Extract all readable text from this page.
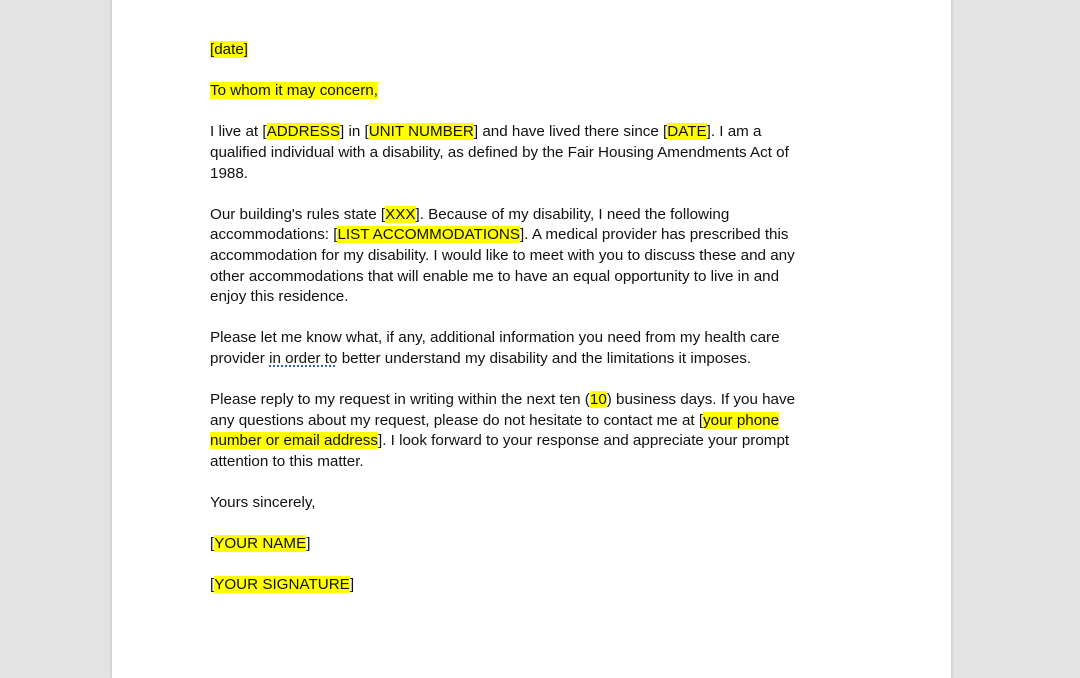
[date]

To whom it may concern,

I live at [ADDRESS] in [UNIT NUMBER] and have lived there since [DATE]. I am a
qualified individual with a disability, as defined by the Fair Housing Amendments Act of
1988.

Our building's rules state [XXX]. Because of my disability, I need the following
accommodations: [LIST ACCOMMODATIONS]. A medical provider has prescribed this
accommodation for my disability. I would like to meet with you to discuss these and any
other accommodations that will enable me to have an equal opportunity to live in and
enjoy this residence.

Please let me know what, if any, additional information you need from my health care
provider in order to better understand my disability and the limitations it imposes.

Please reply to my request in writing within the next ten (10) business days. If you have
any questions about my request, please do not hesitate to contact me at [your phone
number or email address]. I look forward to your response and appreciate your prompt
attention to this matter.

Yours sincerely,

[YOUR NAME]

[YOUR SIGNATURE]
